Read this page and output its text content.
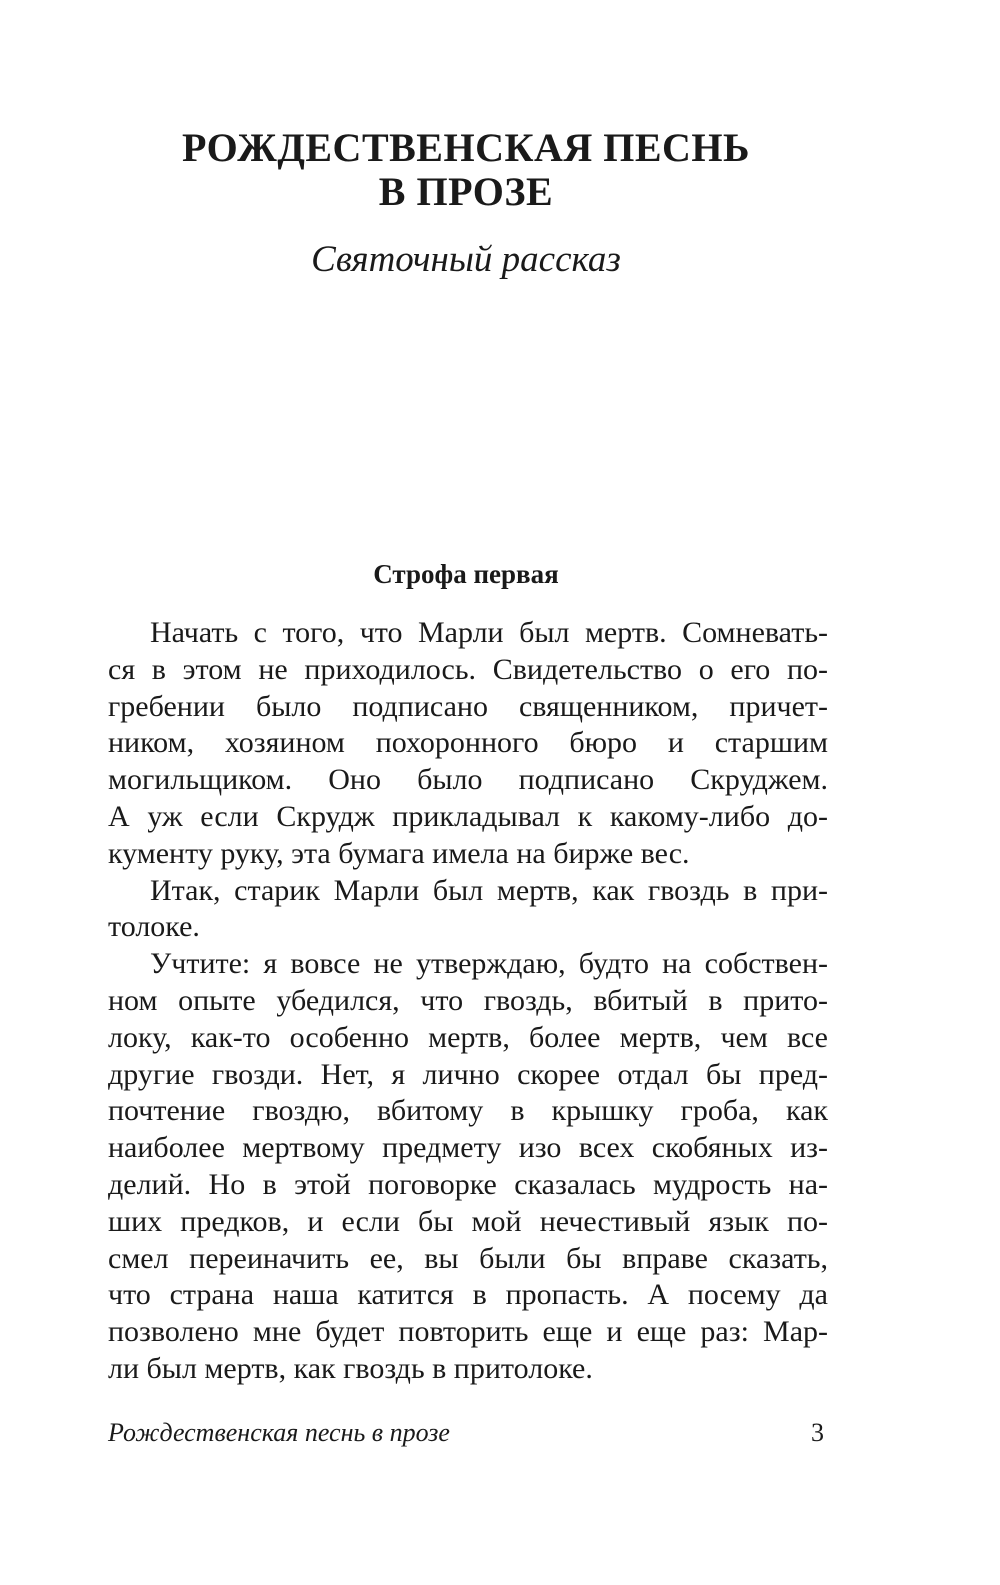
РОЖДЕСТВЕНСКАЯ ПЕСНЬ
В ПРОЗЕ
Святочный рассказ
Строфа первая
Начать с того, что Марли был мертв. Сомневать-
ся в этом не приходилось. Свидетельство о его по-
гребении было подписано священником, причет-
ником, хозяином похоронного бюро и старшим
могильщиком. Оно было подписано Скруджем.
А уж если Скрудж прикладывал к какому-либо до-
кументу руку, эта бумага имела на бирже вес.
Итак, старик Марли был мертв, как гвоздь в при-
толоке.
Учтите: я вовсе не утверждаю, будто на собствен-
ном опыте убедился, что гвоздь, вбитый в прито-
локу, как-то особенно мертв, более мертв, чем все
другие гвозди. Нет, я лично скорее отдал бы пред-
почтение гвоздю, вбитому в крышку гроба, как
наиболее мертвому предмету изо всех скобяных из-
делий. Но в этой поговорке сказалась мудрость на-
ших предков, и если бы мой нечестивый язык по-
смел переиначить ее, вы были бы вправе сказать,
что страна наша катится в пропасть. А посему да
позволено мне будет повторить еще и еще раз: Мар-
ли был мертв, как гвоздь в притолоке.
Рождественская песнь в прозе	3
